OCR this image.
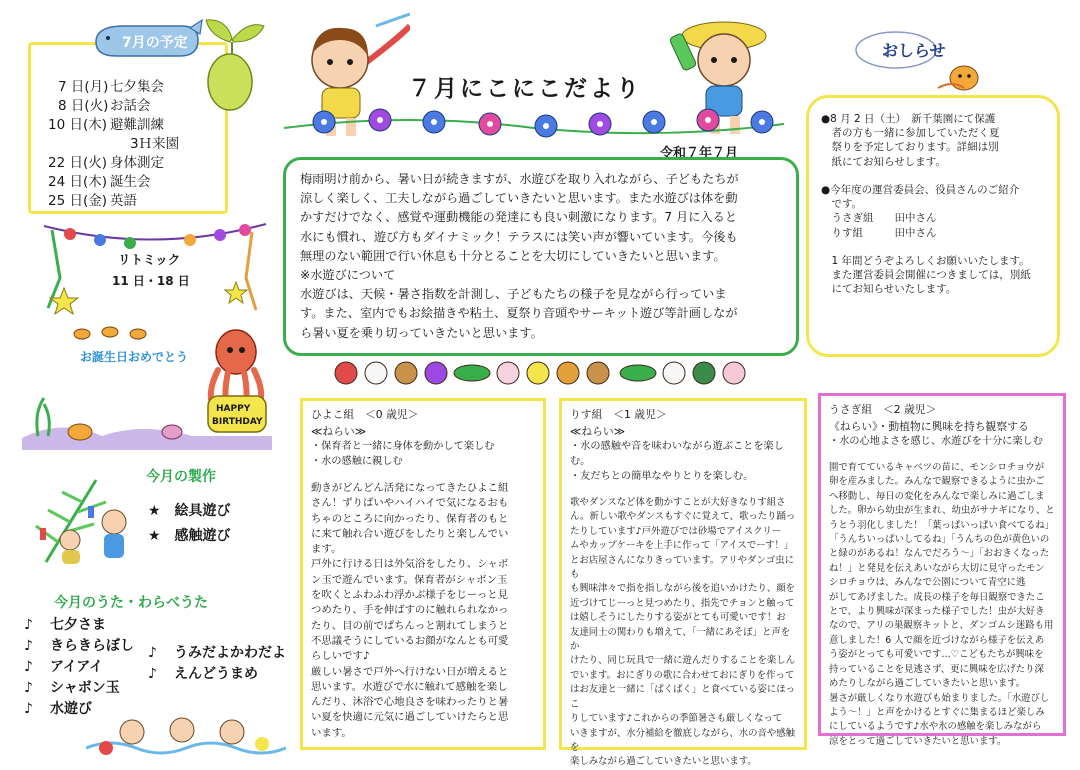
7月の予定
7 日(月) 七夕集会
8 日(火) お話会
10 日(木) 避難訓練
3Ｈ来園
22 日(火) 身体測定
24 日(木) 誕生会
25 日(金) 英語
リトミック
11 日・18 日
お誕生日おめでとう
HAPPY
BIRTHDAY
今月の製作
★　絵具遊び
★　感触遊び
今月のうた・わらべうた
♪ 七夕さま
♪ きらきらぼし
♪ アイアイ
♪ シャボン玉
♪ 水遊び
♪ うみだよかわだよ
♪ えんどうまめ
７月にこにこだより
令和７年７月
梅雨明け前から、暑い日が続きますが、水遊びを取り入れながら、子どもたちが
涼しく楽しく、工夫しながら過ごしていきたいと思います。また水遊びは体を動
かすだけでなく、感覚や運動機能の発達にも良い刺激になります。7 月に入ると
水にも慣れ、遊び方もダイナミック！テラスには笑い声が響いています。今後も
無理のない範囲で行い休息も十分とることを大切にしていきたいと思います。
※水遊びについて
水遊びは、天候・暑さ指数を計測し、子どもたちの様子を見ながら行っていま
す。また、室内でもお絵描きや粘土、夏祭り音頭やサーキット遊び等計画しなが
ら暑い夏を乗り切っていきたいと思います。
おしらせ
●8 月 2 日（土）　新千葉園にて保護
　者の方も一緒に参加していただく夏
　祭りを予定しております。詳細は別
　紙にてお知らせします。

●今年度の運営委員会、役員さんのご紹介
　です。
　うさぎ組　　田中さん
　りす組　　　田中さん

　1 年間どうぞよろしくお願いいたします。
　また運営委員会開催につきましては，別紙
　にてお知らせいたします。
ひよこ組　＜0 歳児＞
≪ねらい≫
・保育者と一緒に身体を動かして楽しむ
・水の感触に親しむ
動きがどんどん活発になってきたひよこ組
さん！ずりばいやハイハイで気になるおも
ちゃのところに向かったり、保育者のもと
に来て触れ合い遊びをしたりと楽しんでい
ます。
戸外に行ける日は外気浴をしたり、シャボ
ン玉で遊んでいます。保育者がシャボン玉
を吹くとふわふわ浮かぶ様子をじーっと見
つめたり、手を伸ばすのに触れられなかっ
たり、目の前でぱちんっと割れてしまうと
不思議そうにしているお顔がなんとも可愛
らしいです♪
厳しい暑さで戸外へ行けない日が増えると
思います。水遊びで水に触れて感触を楽し
んだり、沐浴で心地良さを味わったりと暑
い夏を快適に元気に過ごしていけたらと思
います。
りす組　＜1 歳児＞
≪ねらい≫
・水の感触や音を味わいながら遊ぶことを楽しむ。
・友だちとの簡単なやりとりを楽しむ。
歌やダンスなど体を動かすことが大好きなりす組さ
ん。新しい歌やダンスもすぐに覚えて、歌ったり踊っ
たりしています♪戸外遊びでは砂場でアイスクリー
ムやカップケーキを上手に作って「アイスでーす！」
とお店屋さんになりきっています。アリやダンゴ虫にも
も興味津々で指を指しながら後を追いかけたり、顔を
近づけてじーっと見つめたり、指先でチョンと触って
は嬉しそうにしたりする姿がとても可愛いです！お
友達同士の関わりも増えて、「一緒にあそぼ」と声をか
けたり、同じ玩具で一緒に遊んだりすることを楽しん
でいます。おにぎりの歌に合わせておにぎりを作って
はお友達と一緒に「ぱくぱく」と食べている姿にほっこ
りしています♪これからの季節暑さも厳しくなって
いきますが、水分補給を徹底しながら、水の音や感触を
楽しみながら過ごしていきたいと思います。
うさぎ組　＜2 歳児＞
《ねらい》・動植物に興味を持ち観察する
・水の心地よさを感じ、水遊びを十分に楽しむ
園で育てているキャベツの苗に、モンシロチョウが
卵を産みました。みんなで観察できるように虫かご
へ移動し、毎日の変化をみんなで楽しみに過ごしま
した。卵から幼虫が生まれ、幼虫がサナギになり、と
うとう羽化しました！「葉っぱいっぱい食べてるね」
「うんちいっぱいしてるね」「うんちの色が黄色いの
と緑のがあるね！なんでだろう～」「おおきくなった
ね！」と発見を伝えあいながら大切に見守ったモン
シロチョウは、みんなで公園について青空に逃
がしてあげました。成長の様子を毎日観察できたこ
とで、より興味が深まった様子でした！虫が大好き
なので、アリの巣観察キットと、ダンゴムシ迷路も用
意しました！6 人で顔を近づけながら様子を伝えあ
う姿がとっても可愛いです…♡こどもたちが興味を
持っていることを見逃さず、更に興味を広げたり深
めたりしながら過ごしていきたいと思います。
暑さが厳しくなり水遊びも始まりました。「水遊びし
よう～！」と声をかけるとすぐに集まるほど楽しみ
にしているようです♪水や氷の感触を楽しみながら
涼をとって過ごしていきたいと思います。
